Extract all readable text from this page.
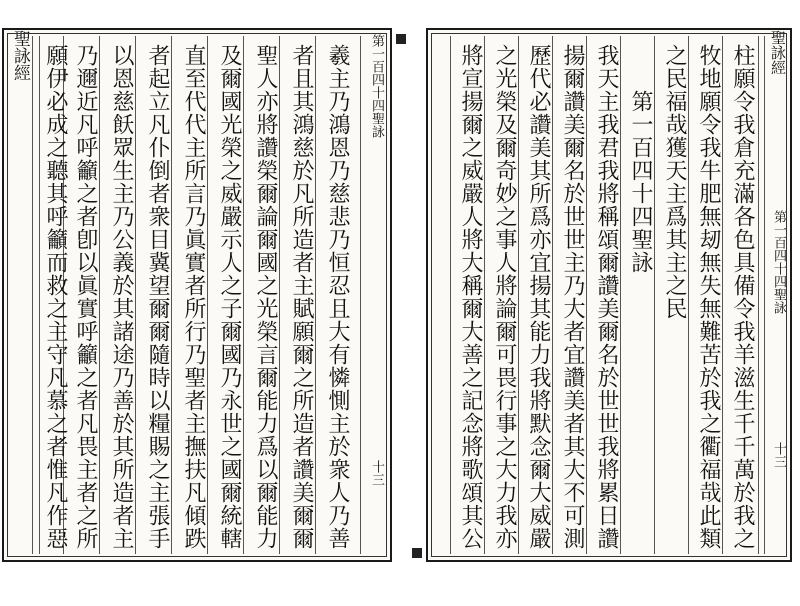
聖詠經	羲主乃鴻恩乃慈悲乃恒忍且大有憐惻主於衆人乃善
者且其鴻慈於凡所造者主賦願爾之所造者讚美爾爾
聖人亦將讚榮爾論爾國之光榮言爾能力爲以爾能力
及爾國光榮之威嚴示人之子爾國乃永世之國爾統轄
直至代代主所言乃眞實者所行乃聖者主撫扶凡傾跌
者起立凡仆倒者衆目冀望爾爾隨時以糧賜之主張手
以恩慈飫眾生主乃公義於其諸途乃善於其所造者主
乃邇近凡呼籲之者卽以眞實呼籲之者凡畏主者之所
願伊必成之聽其呼籲而救之主守凡慕之者惟凡作惡	第一百四十四聖詠
十三
聖詠經
第一百四十四聖詠
十三
柱願令我倉充滿各色具備令我羊滋生千千萬於我之
牧地願令我牛肥無刼無失無難苦於我之衢福哉此類
之民福哉獲天主爲其主之民
第一百四十四聖詠
我天主我君我將稱頌爾讚美爾名於世世我將累日讚
揚爾讚美爾名於世世主乃大者宜讚美者其大不可測
歷代必讚美其所爲亦宜揚其能力我將默念爾大威嚴
之光榮及爾奇妙之事人將論爾可畏行事之大力我亦
將宣揚爾之威嚴人將大稱爾大善之記念將歌頌其公
